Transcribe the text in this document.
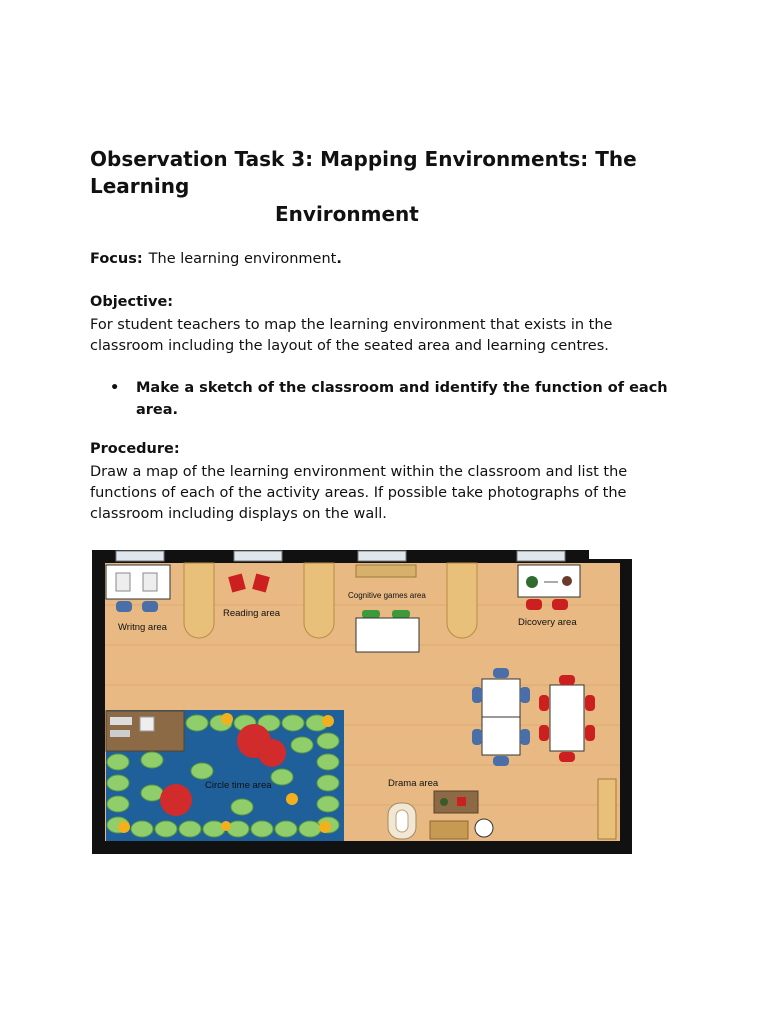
Observation Task 3: Mapping Environments: The Learning
Environment
Focus: The learning environment.
Objective:
For student teachers to map the learning environment that exists in the classroom including the layout of the seated area and learning centres.
• Make a sketch of the classroom and identify the function of each area.
Procedure:
Draw a map of the learning environment within the classroom and list the functions of each of the activity areas. If possible take photographs of the classroom including displays on the wall.
Writng area
Reading area
Cognitive games area
Dicovery area
Circle time area	Drama area
